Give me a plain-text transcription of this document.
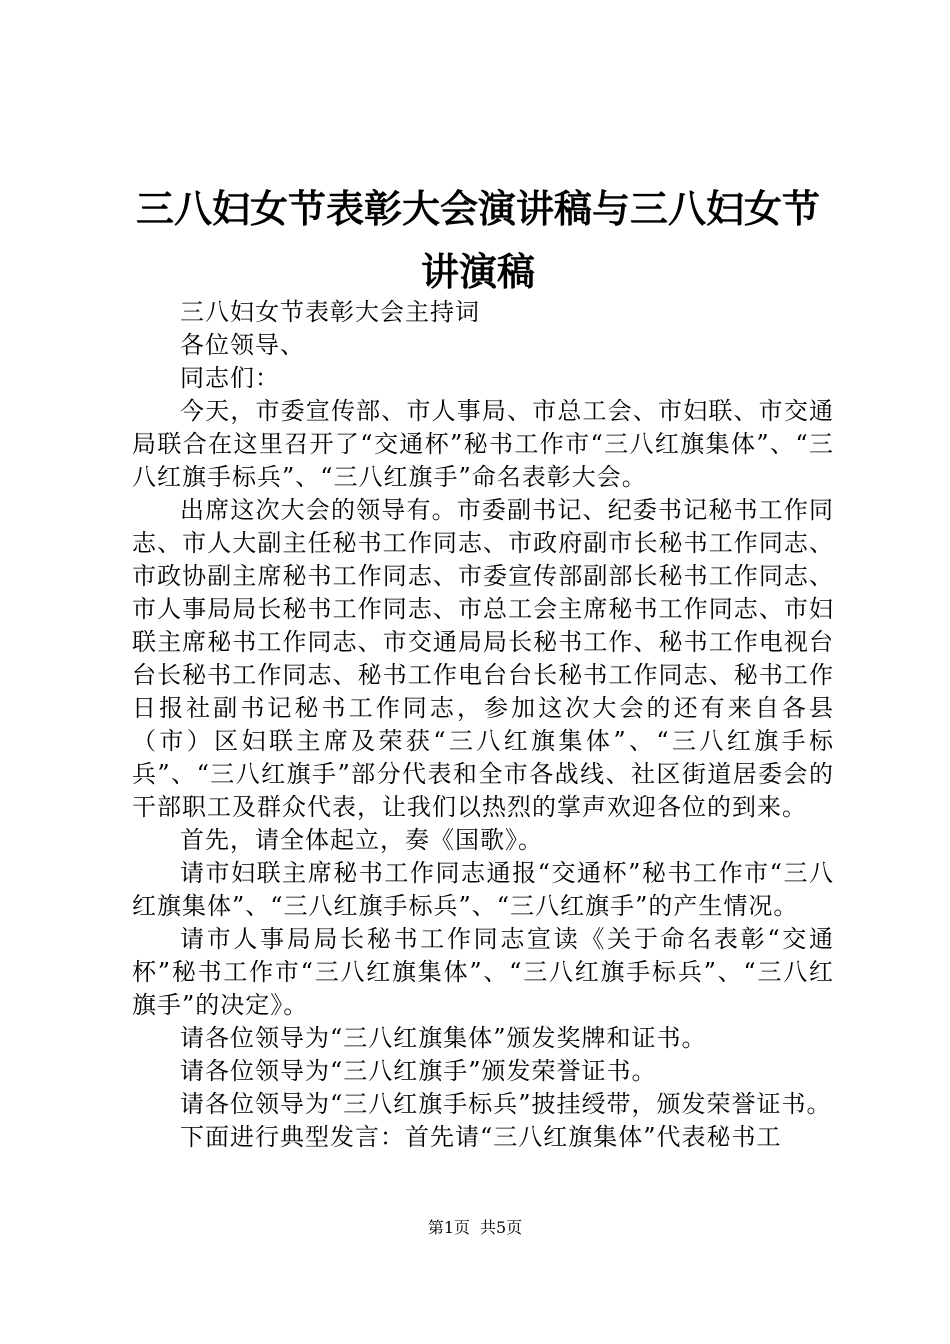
三八妇女节表彰大会演讲稿与三八妇女节讲演稿

三八妇女节表彰大会主持词

各位领导、

同志们：

今天，市委宣传部、市人事局、市总工会、市妇联、市交通局联合在这里召开了“交通杯”秘书工作市“三八红旗集体”、“三八红旗手标兵”、“三八红旗手”命名表彰大会。

出席这次大会的领导有。市委副书记、纪委书记秘书工作同志、市人大副主任秘书工作同志、市政府副市长秘书工作同志、市政协副主席秘书工作同志、市委宣传部副部长秘书工作同志、市人事局局长秘书工作同志、市总工会主席秘书工作同志、市妇联主席秘书工作同志、市交通局局长秘书工作、秘书工作电视台台长秘书工作同志、秘书工作电台台长秘书工作同志、秘书工作日报社副书记秘书工作同志，参加这次大会的还有来自各县（市）区妇联主席及荣获“三八红旗集体”、“三八红旗手标兵”、“三八红旗手”部分代表和全市各战线、社区街道居委会的干部职工及群众代表，让我们以热烈的掌声欢迎各位的到来。

首先，请全体起立，奏《国歌》。

请市妇联主席秘书工作同志通报“交通杯”秘书工作市“三八红旗集体”、“三八红旗手标兵”、“三八红旗手”的产生情况。

请市人事局局长秘书工作同志宣读《关于命名表彰“交通杯”秘书工作市“三八红旗集体”、“三八红旗手标兵”、“三八红旗手”的决定》。

请各位领导为“三八红旗集体”颁发奖牌和证书。

请各位领导为“三八红旗手”颁发荣誉证书。

请各位领导为“三八红旗手标兵”披挂绶带，颁发荣誉证书。

下面进行典型发言：首先请“三八红旗集体”代表秘书工

第1页 共5页
